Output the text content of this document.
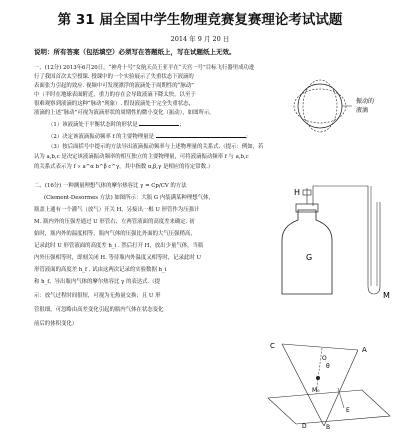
第 31 届全国中学生物理竞赛复赛理论考试试题
2014 年 9 月 20 日
说明：所有答案（包括填空）必须写在答题纸上，写在试题纸上无效。
一、(12分) 2013年6月20日，“神舟十号”女航天员王亚平在“天宫一号”目标飞行器里成功进
行了我国首次太空授课. 授课中的一个实验展示了失重状态下液滴的
表面张力引起的效应. 视频中可发现漂浮的液滴处于周期性的“脉动”
中（平时在地球表面附近，重力的存在会导致液滴下降太快，以至于
很难观察到液滴的这种“脉动”现象）. 假设液滴处于完全失重状态，
液滴的上述“脉动”可视为液滴形状的周期性的微小变化（振动），如图所示。
（1）该液滴处于平衡状态时的形状是	；
（2）决定该液滴振动频率 f 的主要物理量是	；
（3）按后面括号中提示的方法导出液滴振动频率与上述物理量的关系式.（提示：例如，若
认为 a,b,c 是决定该液滴振动频率的相互独立的主要物理量，可将液滴振动频率 f 与 a,b,c
的关系式表示为 f ∝ a^α b^β c^γ，其中指数 α,β,γ 是相应的待定常数.）
振动的
液滴
二、(16分) 一种测量理想气体的摩尔热容比 γ = Cp/CV 的方法
(Clement-Desormes 方法) 如图所示：大瓶 G 内装满某种理想气体，
瓶盖上通有一个灌气（放气）开关 H，另接出一根 U 形管作为压强计
M. 瓶内外的压强差通过 U 形管右、左两管液面的高度差来确定. 初
始时，瓶内外的温度相等，瓶内气体的压强比外面的大气压强稍高，
记录此时 U 形管液面的高度差 h_i . 然后打开 H，放出少量气体，当瓶
内外压强相等时，即刻关闭 H. 等待瓶内外温度又相等时，记录此时 U
形管液面的高度差 h_f . 试由这两次记录的实验数据 h_i
和 h_f，导出瓶内气体的摩尔热容比 γ 的表达式.（提
示：放气过程时间很短，可视为无热量交换；且 U 形
管很细，可忽略由高差变化引起的瓶内气体在状态变化
前后的体积变化）
H
G
M
C
O
θ
A
M₀
E
D	B
